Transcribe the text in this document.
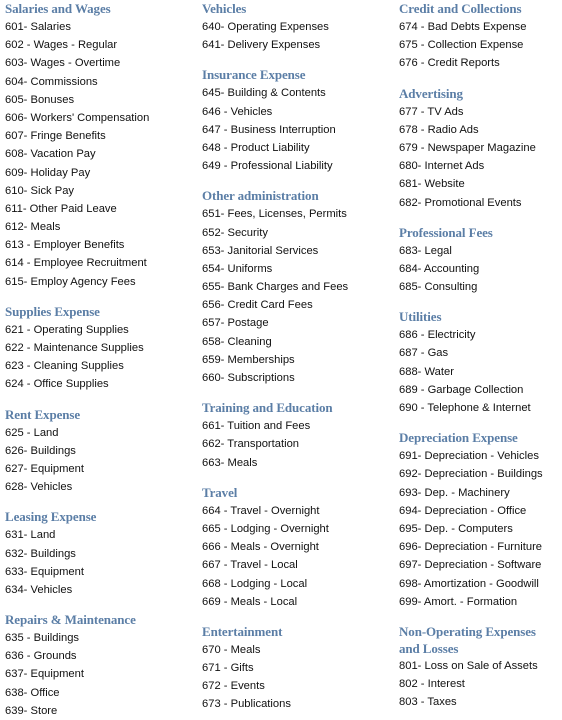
Salaries and Wages
601- Salaries
602 - Wages - Regular
603- Wages - Overtime
604- Commissions
605- Bonuses
606- Workers' Compensation
607- Fringe Benefits
608- Vacation Pay
609- Holiday Pay
610- Sick Pay
611- Other Paid Leave
612- Meals
613 - Employer Benefits
614 - Employee Recruitment
615- Employ Agency Fees
Supplies Expense
621 - Operating Supplies
622 - Maintenance Supplies
623 - Cleaning Supplies
624 - Office Supplies
Rent Expense
625 - Land
626- Buildings
627- Equipment
628- Vehicles
Leasing Expense
631- Land
632- Buildings
633- Equipment
634- Vehicles
Repairs & Maintenance
635 - Buildings
636 - Grounds
637- Equipment
638- Office
639- Store
Vehicles
640- Operating Expenses
641- Delivery Expenses
Insurance Expense
645- Building & Contents
646 - Vehicles
647 - Business Interruption
648 - Product Liability
649 - Professional Liability
Other administration
651- Fees, Licenses, Permits
652- Security
653- Janitorial Services
654- Uniforms
655- Bank Charges and Fees
656- Credit Card Fees
657- Postage
658- Cleaning
659- Memberships
660- Subscriptions
Training and Education
661- Tuition and Fees
662- Transportation
663- Meals
Travel
664 - Travel - Overnight
665 - Lodging - Overnight
666 - Meals - Overnight
667 - Travel - Local
668 - Lodging - Local
669 - Meals - Local
Entertainment
670 - Meals
671 - Gifts
672 - Events
673 - Publications
Credit and Collections
674 - Bad Debts Expense
675 - Collection Expense
676 - Credit Reports
Advertising
677 - TV Ads
678 - Radio Ads
679 - Newspaper Magazine
680- Internet Ads
681- Website
682- Promotional Events
Professional Fees
683- Legal
684- Accounting
685- Consulting
Utilities
686 - Electricity
687 - Gas
688- Water
689 - Garbage Collection
690 - Telephone & Internet
Depreciation Expense
691- Depreciation - Vehicles
692- Depreciation - Buildings
693- Dep. - Machinery
694- Depreciation - Office
695- Dep. - Computers
696- Depreciation - Furniture
697- Depreciation - Software
698- Amortization - Goodwill
699- Amort. - Formation
Non-Operating Expenses and Losses
801- Loss on Sale of Assets
802 - Interest
803 - Taxes
